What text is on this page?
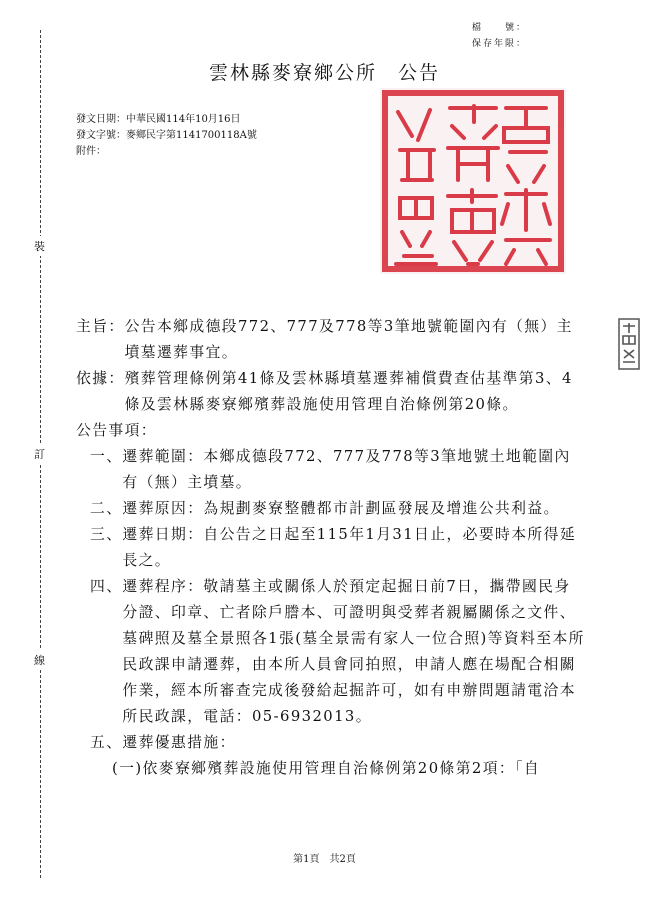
檔　　號：
保存年限：
雲林縣麥寮鄉公所　公告
發文日期：中華民國114年10月16日
發文字號：麥鄉民字第1141700118A號
附件：
裝
訂
線
主旨： 公告本鄉成德段772、777及778等3筆地號範圍內有（無）主墳墓遷葬事宜。
依據： 殯葬管理條例第41條及雲林縣墳墓遷葬補償費查估基準第3、4條及雲林縣麥寮鄉殯葬設施使用管理自治條例第20條。
公告事項：
一、 遷葬範圍：本鄉成德段772、777及778等3筆地號土地範圍內有（無）主墳墓。
二、 遷葬原因：為規劃麥寮整體都市計劃區發展及增進公共利益。
三、 遷葬日期：自公告之日起至115年1月31日止，必要時本所得延長之。
四、 遷葬程序：敬請墓主或關係人於預定起掘日前7日，攜帶國民身分證、印章、亡者除戶謄本、可證明與受葬者親屬關係之文件、墓碑照及墓全景照各1張(墓全景需有家人一位合照)等資料至本所民政課申請遷葬，由本所人員會同拍照，申請人應在場配合相關作業，經本所審查完成後發給起掘許可，如有申辦問題請電洽本所民政課，電話：05-6932013。
五、 遷葬優惠措施：
(一) 依麥寮鄉殯葬設施使用管理自治條例第20條第2項：「自
第1頁　共2頁
